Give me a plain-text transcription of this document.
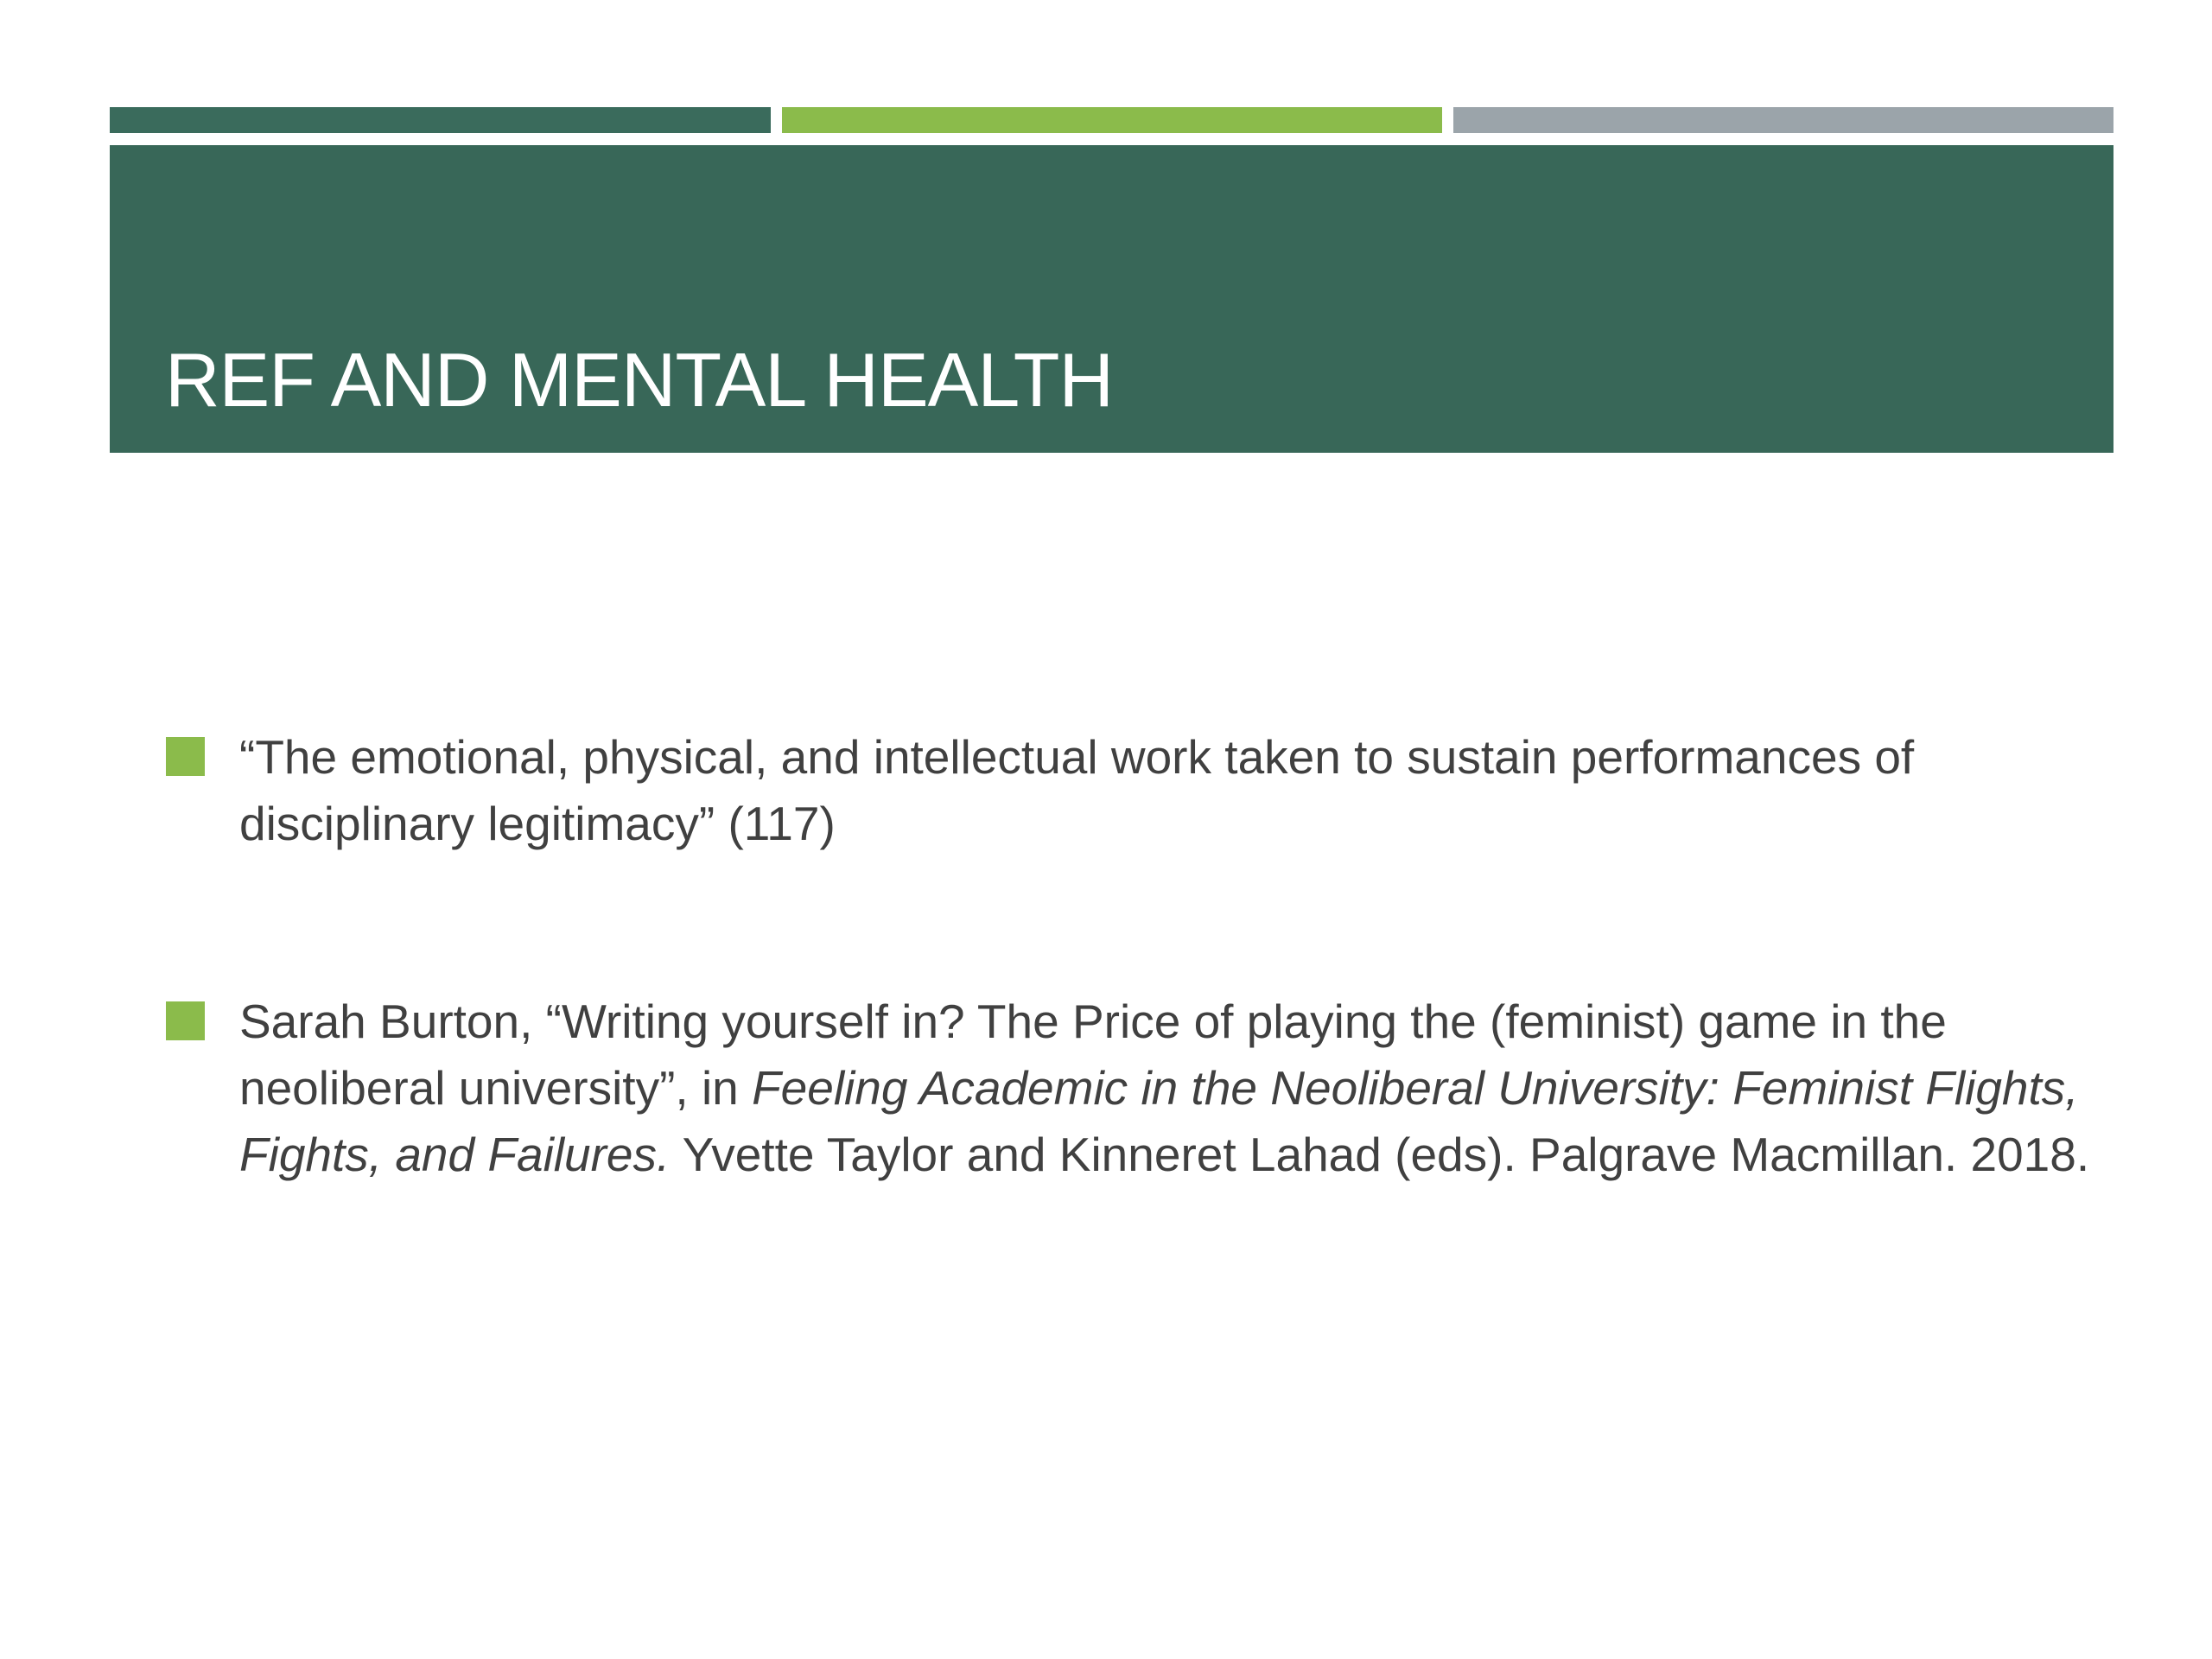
REF AND MENTAL HEALTH
“The emotional, physical, and intellectual work taken to sustain performances of disciplinary legitimacy” (117)
Sarah Burton, “Writing yourself in? The Price of playing the (feminist) game in the neoliberal university”, in Feeling Academic in the Neoliberal University: Feminist Flights, Fights, and Failures. Yvette Taylor and Kinneret Lahad (eds). Palgrave Macmillan. 2018.
